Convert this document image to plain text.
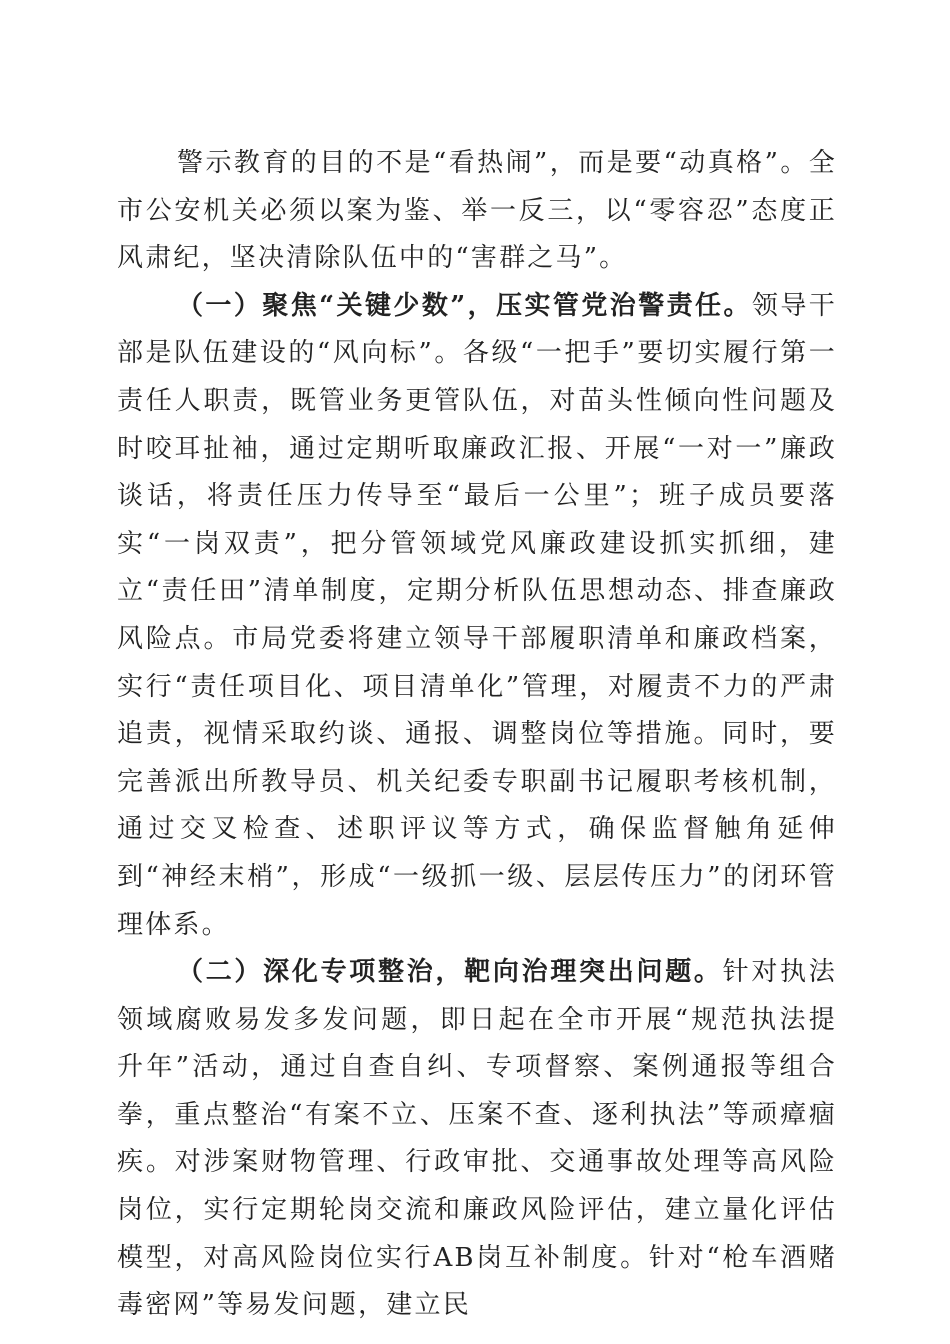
警示教育的目的不是“看热闹”，而是要“动真格”。全市公安机关必须以案为鉴、举一反三，以“零容忍”态度正风肃纪，坚决清除队伍中的“害群之马”。

（一）聚焦“关键少数”，压实管党治警责任。领导干部是队伍建设的“风向标”。各级“一把手”要切实履行第一责任人职责，既管业务更管队伍，对苗头性倾向性问题及时咬耳扯袖，通过定期听取廉政汇报、开展“一对一”廉政谈话，将责任压力传导至“最后一公里”；班子成员要落实“一岗双责”，把分管领域党风廉政建设抓实抓细，建立“责任田”清单制度，定期分析队伍思想动态、排查廉政风险点。市局党委将建立领导干部履职清单和廉政档案，实行“责任项目化、项目清单化”管理，对履责不力的严肃追责，视情采取约谈、通报、调整岗位等措施。同时，要完善派出所教导员、机关纪委专职副书记履职考核机制，通过交叉检查、述职评议等方式，确保监督触角延伸到“神经末梢”，形成“一级抓一级、层层传压力”的闭环管理体系。

（二）深化专项整治，靶向治理突出问题。针对执法领域腐败易发多发问题，即日起在全市开展“规范执法提升年”活动，通过自查自纠、专项督察、案例通报等组合拳，重点整治“有案不立、压案不查、逐利执法”等顽瘴痼疾。对涉案财物管理、行政审批、交通事故处理等高风险岗位，实行定期轮岗交流和廉政风险评估，建立量化评估模型，对高风险岗位实行AB岗互补制度。针对“枪车酒赌毒密网”等易发问题，建立民
